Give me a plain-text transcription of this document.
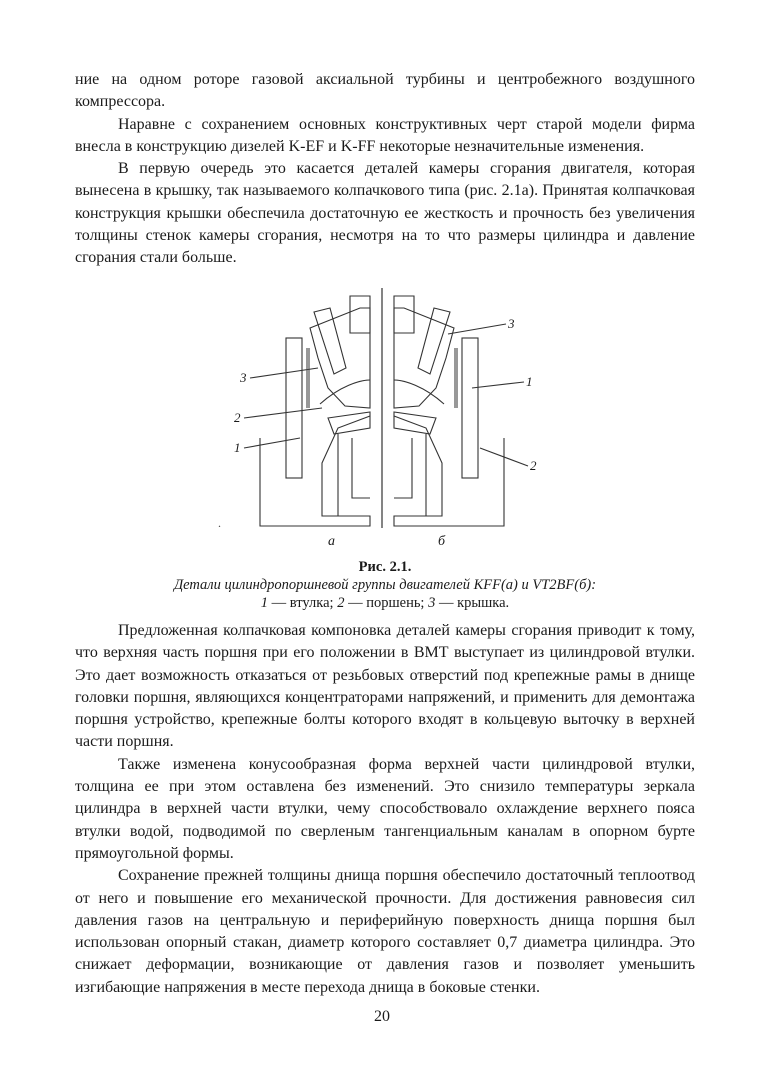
ние на одном роторе газовой аксиальной турбины и центробежного воздушного компрессора.

Наравне с сохранением основных конструктивных черт старой модели фирма внесла в конструкцию дизелей K-EF и K-FF некоторые незначительные изменения.

В первую очередь это касается деталей камеры сгорания двигателя, которая вынесена в крышку, так называемого колпачкового типа (рис. 2.1а). Принятая колпачковая конструкция крышки обеспечила достаточную ее жесткость и прочность без увеличения толщины стенок камеры сгорания, несмотря на то что размеры цилиндра и давление сгорания стали больше.

.
3
2
1
3
1
2
а	б
Рис. 2.1.
Детали цилиндропоршневой группы двигателей KFF(a) и VT2BF(б):
1 — втулка; 2 — поршень; 3 — крышка.

Предложенная колпачковая компоновка деталей камеры сгорания приводит к тому, что верхняя часть поршня при его положении в ВМТ выступает из цилиндровой втулки. Это дает возможность отказаться от резьбовых отверстий под крепежные рамы в днище головки поршня, являющихся концентраторами напряжений, и применить для демонтажа поршня устройство, крепежные болты которого входят в кольцевую выточку в верхней части поршня.

Также изменена конусообразная форма верхней части цилиндровой втулки, толщина ее при этом оставлена без изменений. Это снизило температуры зеркала цилиндра в верхней части втулки, чему способствовало охлаждение верхнего пояса втулки водой, подводимой по сверленым тангенциальным каналам в опорном бурте прямоугольной формы.

Сохранение прежней толщины днища поршня обеспечило достаточный теплоотвод от него и повышение его механической прочности. Для достижения равновесия сил давления газов на центральную и периферийную поверхность днища поршня был использован опорный стакан, диаметр которого составляет 0,7 диаметра цилиндра. Это снижает деформации, возникающие от давления газов и позволяет уменьшить изгибающие напряжения в месте перехода днища в боковые стенки.

20
